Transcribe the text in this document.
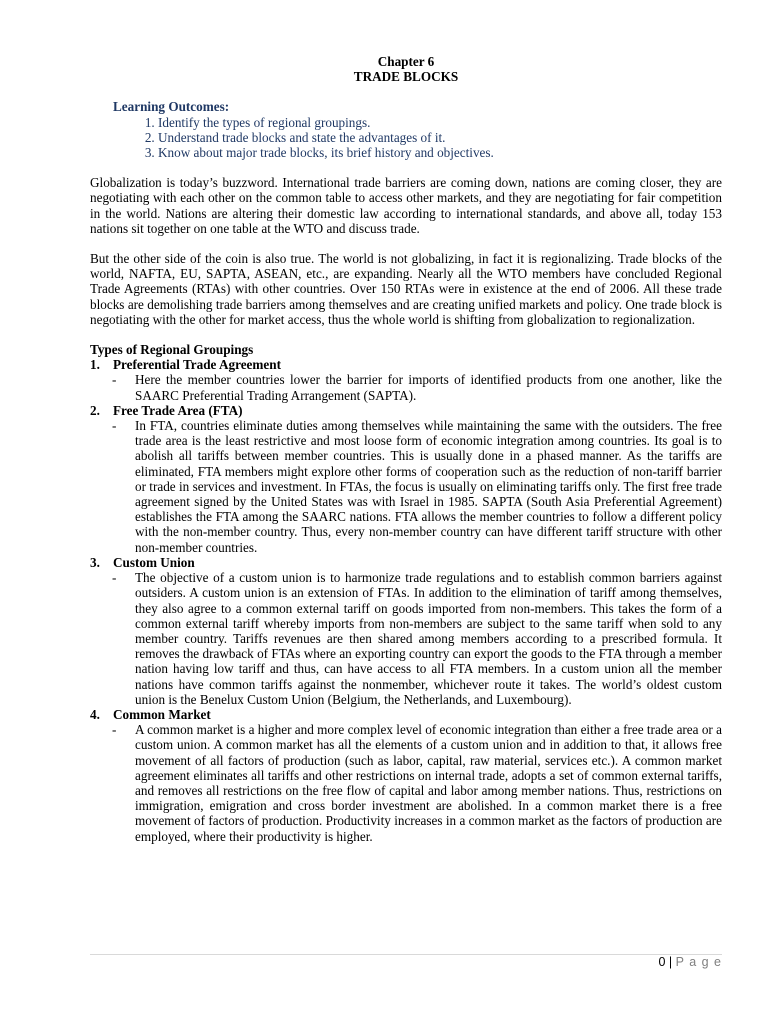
Chapter 6
TRADE BLOCKS
Learning Outcomes:
1. Identify the types of regional groupings.
2. Understand trade blocks and state the advantages of it.
3. Know about major trade blocks, its brief history and objectives.

Globalization is today’s buzzword. International trade barriers are coming down, nations are coming closer, they are negotiating with each other on the common table to access other markets, and they are negotiating for fair competition in the world. Nations are altering their domestic law according to international standards, and above all, today 153 nations sit together on one table at the WTO and discuss trade.

But the other side of the coin is also true. The world is not globalizing, in fact it is regionalizing. Trade blocks of the world, NAFTA, EU, SAPTA, ASEAN, etc., are expanding. Nearly all the WTO members have concluded Regional Trade Agreements (RTAs) with other countries. Over 150 RTAs were in existence at the end of 2006. All these trade blocks are demolishing trade barriers among themselves and are creating unified markets and policy. One trade block is negotiating with the other for market access, thus the whole world is shifting from globalization to regionalization.

Types of Regional Groupings
1. Preferential Trade Agreement
-	Here the member countries lower the barrier for imports of identified products from one another, like the SAARC Preferential Trading Arrangement (SAPTA).
2. Free Trade Area (FTA)
-	In FTA, countries eliminate duties among themselves while maintaining the same with the outsiders. The free trade area is the least restrictive and most loose form of economic integration among countries. Its goal is to abolish all tariffs between member countries. This is usually done in a phased manner. As the tariffs are eliminated, FTA members might explore other forms of cooperation such as the reduction of non-tariff barrier or trade in services and investment. In FTAs, the focus is usually on eliminating tariffs only. The first free trade agreement signed by the United States was with Israel in 1985. SAPTA (South Asia Preferential Agreement) establishes the FTA among the SAARC nations. FTA allows the member countries to follow a different policy with the non-member country. Thus, every non-member country can have different tariff structure with other non-member countries.
3. Custom Union
-	The objective of a custom union is to harmonize trade regulations and to establish common barriers against outsiders. A custom union is an extension of FTAs. In addition to the elimination of tariff among themselves, they also agree to a common external tariff on goods imported from non-members. This takes the form of a common external tariff whereby imports from non-members are subject to the same tariff when sold to any member country. Tariffs revenues are then shared among members according to a prescribed formula. It removes the drawback of FTAs where an exporting country can export the goods to the FTA through a member nation having low tariff and thus, can have access to all FTA members. In a custom union all the member nations have common tariffs against the nonmember, whichever route it takes. The world’s oldest custom union is the Benelux Custom Union (Belgium, the Netherlands, and Luxembourg).
4. Common Market
-	A common market is a higher and more complex level of economic integration than either a free trade area or a custom union. A common market has all the elements of a custom union and in addition to that, it allows free movement of all factors of production (such as labor, capital, raw material, services etc.). A common market agreement eliminates all tariffs and other restrictions on internal trade, adopts a set of common external tariffs, and removes all restrictions on the free flow of capital and labor among member nations. Thus, restrictions on immigration, emigration and cross border investment are abolished. In a common market there is a free movement of factors of production. Productivity increases in a common market as the factors of production are employed, where their productivity is higher.
0 | P a g e
